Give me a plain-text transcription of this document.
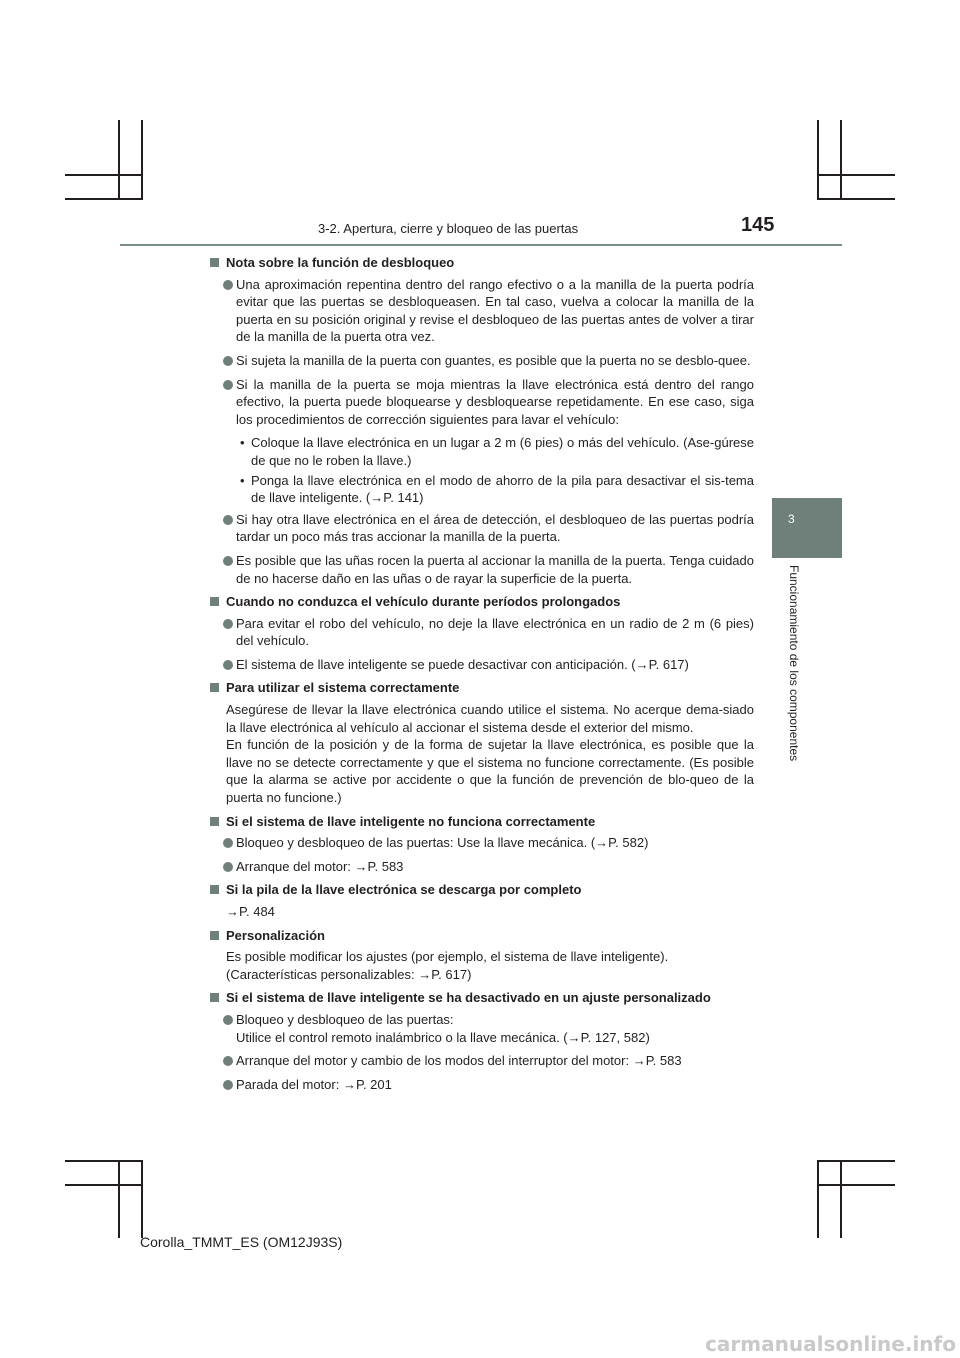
3-2. Apertura, cierre y bloqueo de las puertas	145
3
Funcionamiento de los componentes
Nota sobre la función de desbloqueo
Una aproximación repentina dentro del rango efectivo o a la manilla de la puerta podría evitar que las puertas se desbloqueasen. En tal caso, vuelva a colocar la manilla de la puerta en su posición original y revise el desbloqueo de las puertas antes de volver a tirar de la manilla de la puerta otra vez.
Si sujeta la manilla de la puerta con guantes, es posible que la puerta no se desblo-quee.
Si la manilla de la puerta se moja mientras la llave electrónica está dentro del rango efectivo, la puerta puede bloquearse y desbloquearse repetidamente. En ese caso, siga los procedimientos de corrección siguientes para lavar el vehículo:
• Coloque la llave electrónica en un lugar a 2 m (6 pies) o más del vehículo. (Ase-gúrese de que no le roben la llave.)
• Ponga la llave electrónica en el modo de ahorro de la pila para desactivar el sis-tema de llave inteligente. (→P. 141)
Si hay otra llave electrónica en el área de detección, el desbloqueo de las puertas podría tardar un poco más tras accionar la manilla de la puerta.
Es posible que las uñas rocen la puerta al accionar la manilla de la puerta. Tenga cuidado de no hacerse daño en las uñas o de rayar la superficie de la puerta.
Cuando no conduzca el vehículo durante períodos prolongados
Para evitar el robo del vehículo, no deje la llave electrónica en un radio de 2 m (6 pies) del vehículo.
El sistema de llave inteligente se puede desactivar con anticipación. (→P. 617)
Para utilizar el sistema correctamente
Asegúrese de llevar la llave electrónica cuando utilice el sistema. No acerque dema-siado la llave electrónica al vehículo al accionar el sistema desde el exterior del mismo.
En función de la posición y de la forma de sujetar la llave electrónica, es posible que la llave no se detecte correctamente y que el sistema no funcione correctamente. (Es posible que la alarma se active por accidente o que la función de prevención de blo-queo de la puerta no funcione.)
Si el sistema de llave inteligente no funciona correctamente
Bloqueo y desbloqueo de las puertas: Use la llave mecánica. (→P. 582)
Arranque del motor: →P. 583
Si la pila de la llave electrónica se descarga por completo
→P. 484
Personalización
Es posible modificar los ajustes (por ejemplo, el sistema de llave inteligente).
(Características personalizables: →P. 617)
Si el sistema de llave inteligente se ha desactivado en un ajuste personalizado
Bloqueo y desbloqueo de las puertas:
Utilice el control remoto inalámbrico o la llave mecánica. (→P. 127, 582)
Arranque del motor y cambio de los modos del interruptor del motor: →P. 583
Parada del motor: →P. 201
Corolla_TMMT_ES (OM12J93S)
carmanualsonline.info
